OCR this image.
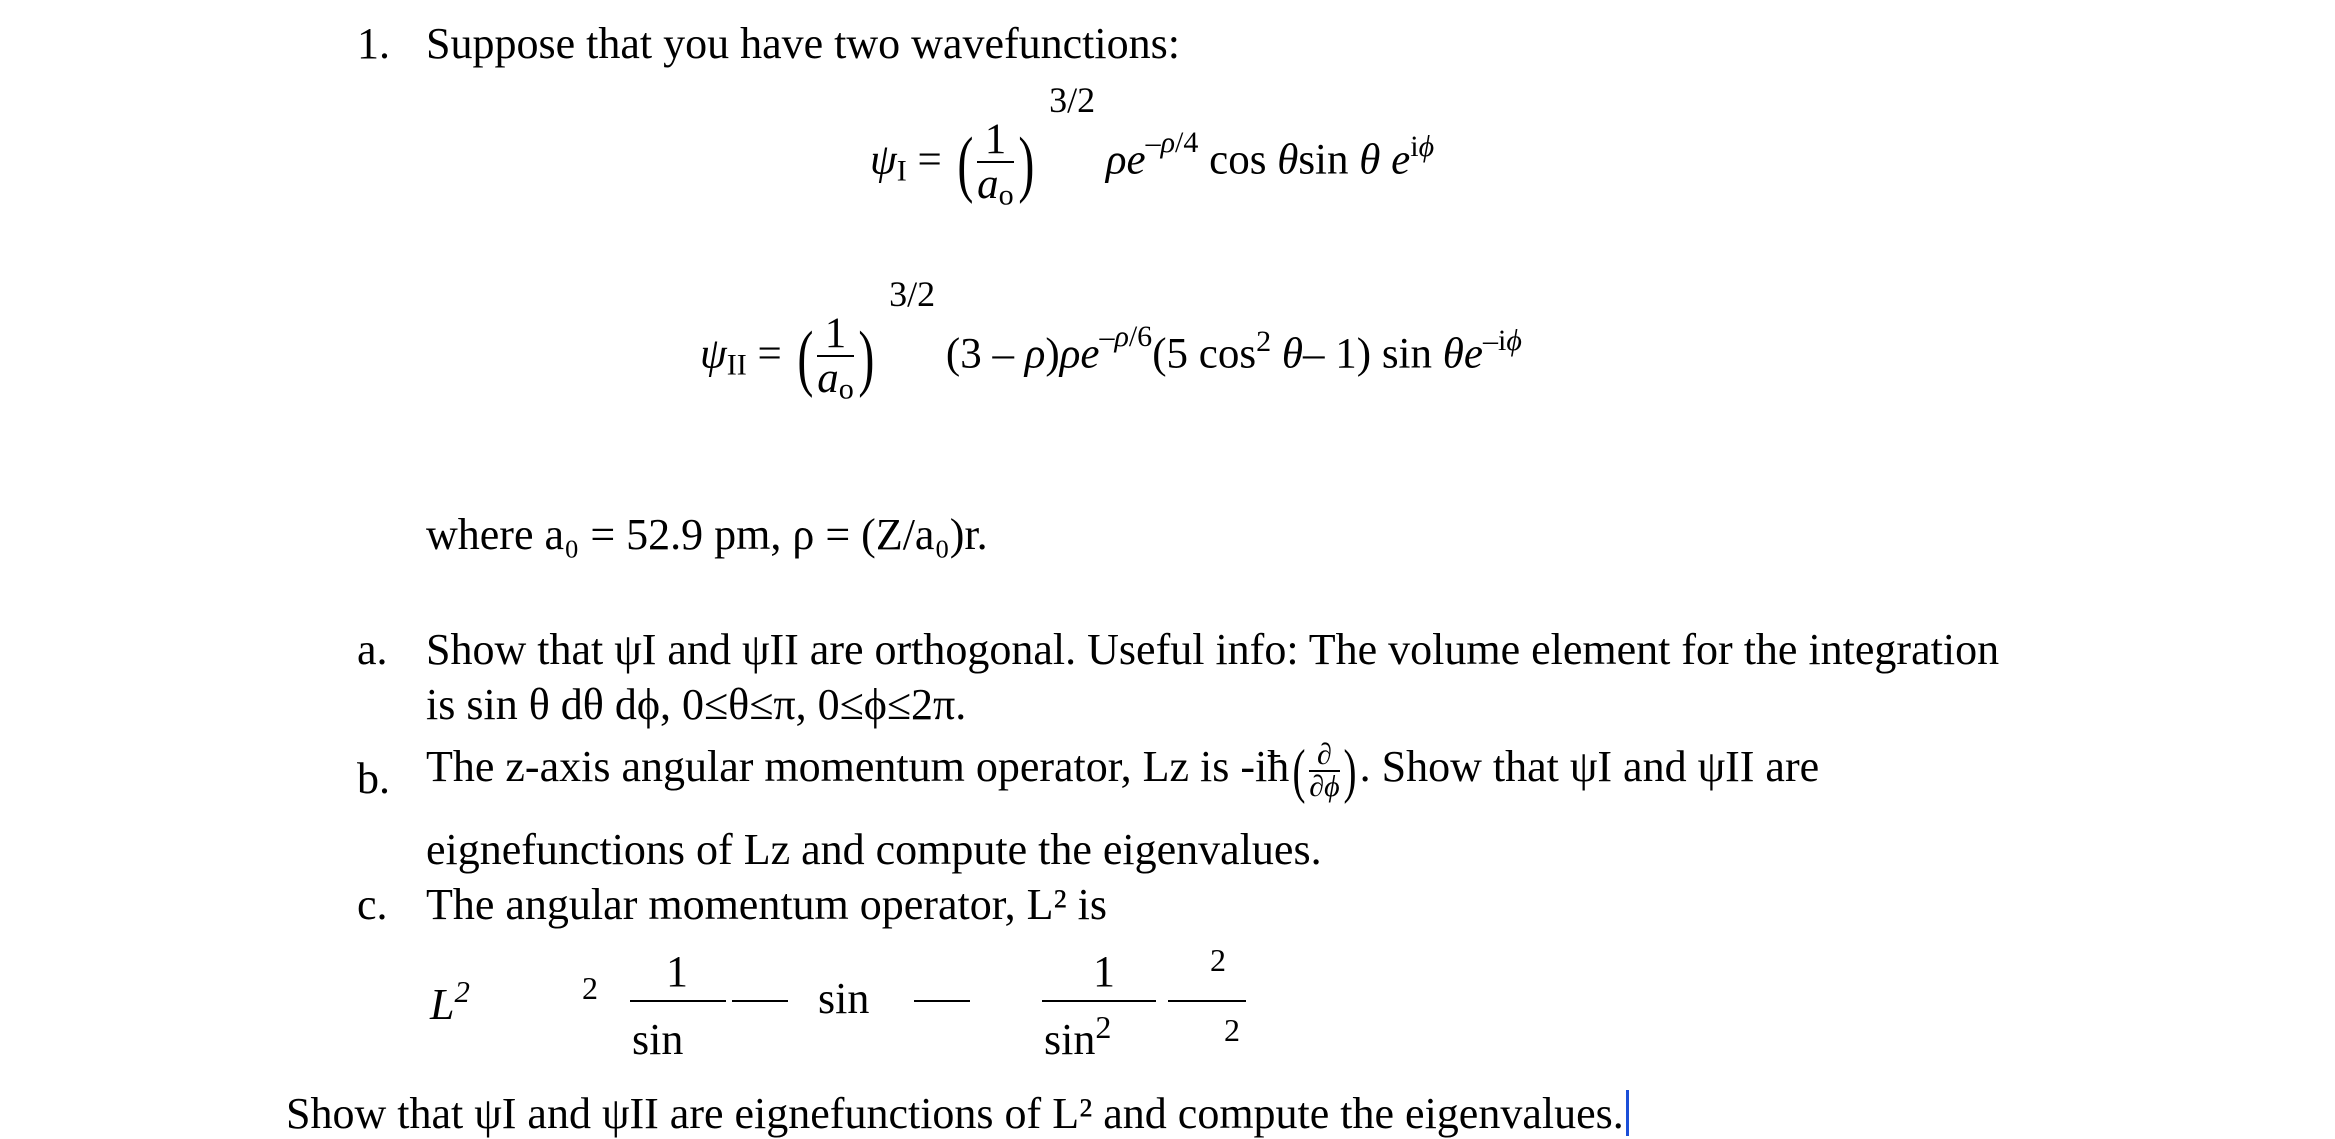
1. Suppose that you have two wavefunctions:
$\psi_I$ = ( $\frac{1}{a_o}$ ) $^{3/2}$ $\rho e^{-\rho/4}$ cos θsin θ $e^{i\phi}$
$\psi_{II}$ = ( $\frac{1}{a_o}$ ) $^{3/2}$ $(3 - \rho)\rho e^{-\rho/6}(5$ $\cos^2 \theta-$ 1) $\sin \theta e^{-i\phi}$
where a₀ = 52.9 pm, ρ = (Z/a₀)r.
a. Show that ψI and ψII are orthogonal. Useful info: The volume element for the integration
is sin θ dθ dϕ, 0≤θ≤π, 0≤ϕ≤2π.
b. The z-axis angular momentum operator, Lz is -iħ( $\frac{\partial}{\partial\phi}$ ). Show that ψI and ψII are
eignefunctions of Lz and compute the eigenvalues.
c. The angular momentum operator, L² is
$L^2$	2 1
sin
sin
1
$\sin^2$
2
2
Show that ψI and ψII are eignefunctions of L² and compute the eigenvalues.
